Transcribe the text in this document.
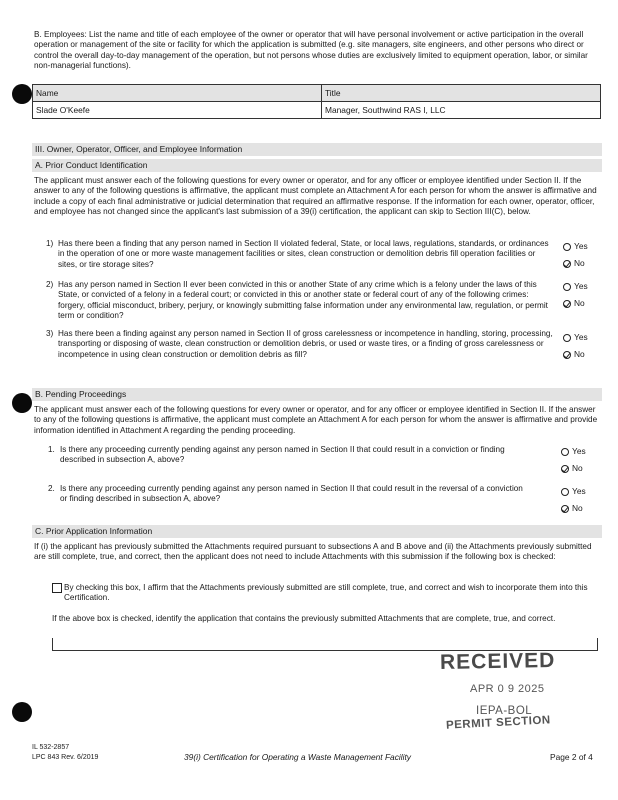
B. Employees: List the name and title of each employee of the owner or operator that will have personal involvement or active participation in the overall operation or management of the site or facility for which the application is submitted (e.g. site managers, site engineers, and other persons who direct or control the overall day-to-day management of the operation, but not persons whose duties are exclusively limited to equipment operation, labor, or similar non-managerial functions).
Name	Title
Slade O'Keefe	Manager, Southwind RAS I, LLC
III. Owner, Operator, Officer, and Employee Information
A. Prior Conduct Identification
The applicant must answer each of the following questions for every owner or operator, and for any officer or employee identified under Section II. If the answer to any of the following questions is affirmative, the applicant must complete an Attachment A for each person for whom the answer is affirmative and include a copy of each final administrative or judicial determination that required an affirmative response. If the information for each owner, operator, officer, and employee has not changed since the applicant's last submission of a 39(i) certification, the applicant can skip to Section III(C), below.
1) Has there been a finding that any person named in Section II violated federal, State, or local laws, regulations, standards, or ordinances in the operation of one or more waste management facilities or sites, clean construction or demolition debris fill operation facilities or sites, or tire storage sites?
Yes
No
2) Has any person named in Section II ever been convicted in this or another State of any crime which is a felony under the laws of this State, or convicted of a felony in a federal court; or convicted in this or another state or federal court of any of the following crimes: forgery, official misconduct, bribery, perjury, or knowingly submitting false information under any environmental law, regulation, or permit term or condition?
Yes
No
3) Has there been a finding against any person named in Section II of gross carelessness or incompetence in handling, storing, processing, transporting or disposing of waste, clean construction or demolition debris, or used or waste tires, or a finding of gross carelessness or incompetence in using clean construction or demolition debris as fill?
Yes
No
B. Pending Proceedings
The applicant must answer each of the following questions for every owner or operator, and for any officer or employee identified in Section II. If the answer to any of the following questions is affirmative, the applicant must complete an Attachment A for each person for whom the answer is affirmative and provide information identified in Attachment A regarding the pending proceeding.
1. Is there any proceeding currently pending against any person named in Section II that could result in a conviction or finding described in subsection A, above?
Yes
No
2. Is there any proceeding currently pending against any person named in Section II that could result in the reversal of a conviction or finding described in subsection A, above?
Yes
No
C. Prior Application Information
If (i) the applicant has previously submitted the Attachments required pursuant to subsections A and B above and (ii) the Attachments previously submitted are still complete, true, and correct, then the applicant does not need to include Attachments with this submission if the following box is checked:
By checking this box, I affirm that the Attachments previously submitted are still complete, true, and correct and wish to incorporate them into this Certification.
If the above box is checked, identify the application that contains the previously submitted Attachments that are complete, true, and correct.
RECEIVED
APR 0 9 2025
IEPA-BOL
PERMIT SECTION
IL 532-2857
LPC 843 Rev. 6/2019	39(i) Certification for Operating a Waste Management Facility	Page 2 of 4
